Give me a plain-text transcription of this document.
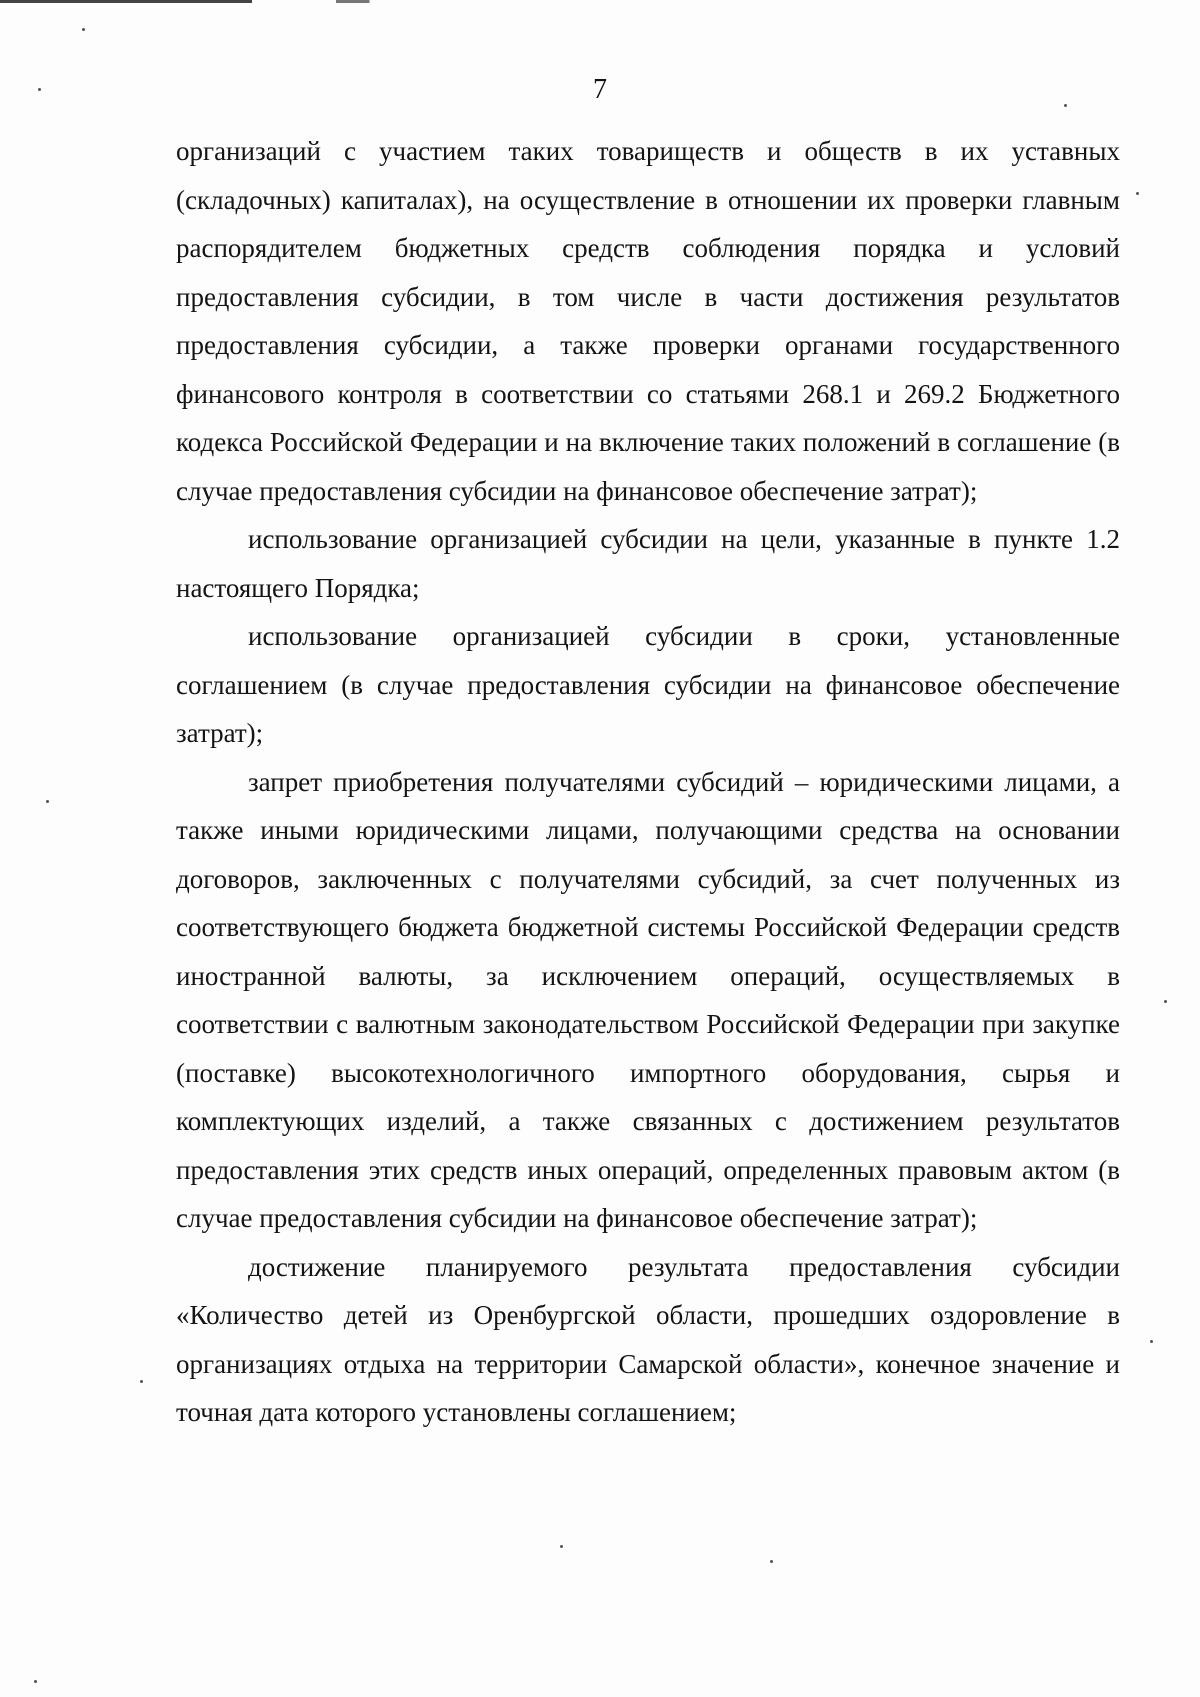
7

организаций с участием таких товариществ и обществ в их уставных (складочных) капиталах), на осуществление в отношении их проверки главным распорядителем бюджетных средств соблюдения порядка и условий предоставления субсидии, в том числе в части достижения результатов предоставления субсидии, а также проверки органами государственного финансового контроля в соответствии со статьями 268.1 и 269.2 Бюджетного кодекса Российской Федерации и на включение таких положений в соглашение (в случае предоставления субсидии на финансовое обеспечение затрат);

использование организацией субсидии на цели, указанные в пункте 1.2 настоящего Порядка;

использование организацией субсидии в сроки, установленные соглашением (в случае предоставления субсидии на финансовое обеспечение затрат);

запрет приобретения получателями субсидий – юридическими лицами, а также иными юридическими лицами, получающими средства на основании договоров, заключенных с получателями субсидий, за счет полученных из соответствующего бюджета бюджетной системы Российской Федерации средств иностранной валюты, за исключением операций, осуществляемых в соответствии с валютным законодательством Российской Федерации при закупке (поставке) высокотехнологичного импортного оборудования, сырья и комплектующих изделий, а также связанных с достижением результатов предоставления этих средств иных операций, определенных правовым актом (в случае предоставления субсидии на финансовое обеспечение затрат);

достижение планируемого результата предоставления субсидии «Количество детей из Оренбургской области, прошедших оздоровление в организациях отдыха на территории Самарской области», конечное значение и точная дата которого установлены соглашением;
